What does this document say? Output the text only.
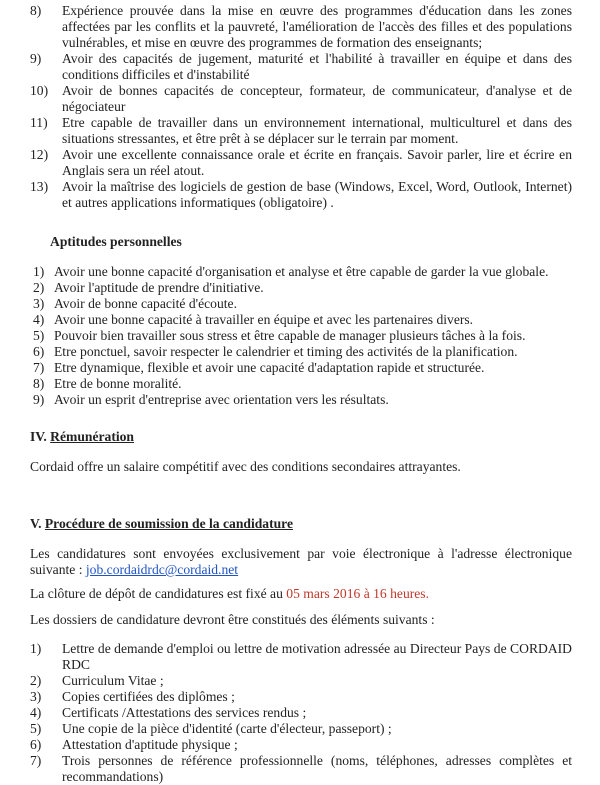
8)	Expérience prouvée dans la mise en œuvre des programmes d'éducation dans les zones affectées par les conflits et la pauvreté, l'amélioration de l'accès des filles et des populations vulnérables, et mise en œuvre des programmes de formation des enseignants;
9)	Avoir des capacités de jugement, maturité et l'habilité à travailler en équipe et dans des conditions difficiles et d'instabilité
10)	Avoir de bonnes capacités de concepteur, formateur, de communicateur, d'analyse et de négociateur
11)	Etre capable de travailler dans un environnement international, multiculturel et dans des situations stressantes, et être prêt à se déplacer sur le terrain par moment.
12)	Avoir une excellente connaissance orale et écrite en français. Savoir parler, lire et écrire en Anglais sera un réel atout.
13)	Avoir la maîtrise des logiciels de gestion de base (Windows, Excel, Word, Outlook, Internet) et autres applications informatiques (obligatoire) .
Aptitudes personnelles
1) Avoir une bonne capacité d'organisation et analyse et être capable de garder la vue globale.
2) Avoir l'aptitude de prendre d'initiative.
3) Avoir de bonne capacité d'écoute.
4) Avoir une bonne capacité à travailler en équipe et avec les partenaires divers.
5) Pouvoir bien travailler sous stress et être capable de manager plusieurs tâches à la fois.
6) Etre ponctuel, savoir respecter le calendrier et timing des activités de la planification.
7) Etre dynamique, flexible et avoir une capacité d'adaptation rapide et structurée.
8) Etre de bonne moralité.
9) Avoir un esprit d'entreprise avec orientation vers les résultats.
IV. Rémunération
Cordaid offre un salaire compétitif avec des conditions secondaires attrayantes.
V. Procédure de soumission de la candidature
Les candidatures sont envoyées exclusivement par voie électronique à l'adresse électronique suivante : job.cordaidrdc@cordaid.net
La clôture de dépôt de candidatures est fixé au 05 mars 2016 à 16 heures.
Les dossiers de candidature devront être constitués des éléments suivants :
1)	Lettre de demande d'emploi ou lettre de motivation adressée au Directeur Pays de CORDAID RDC
2)	Curriculum Vitae ;
3)	Copies certifiées des diplômes ;
4)	Certificats /Attestations des services rendus ;
5)	Une copie de la pièce d'identité (carte d'électeur, passeport) ;
6)	Attestation d'aptitude physique ;
7)	Trois personnes de référence professionnelle (noms, téléphones, adresses complètes et recommandations)
